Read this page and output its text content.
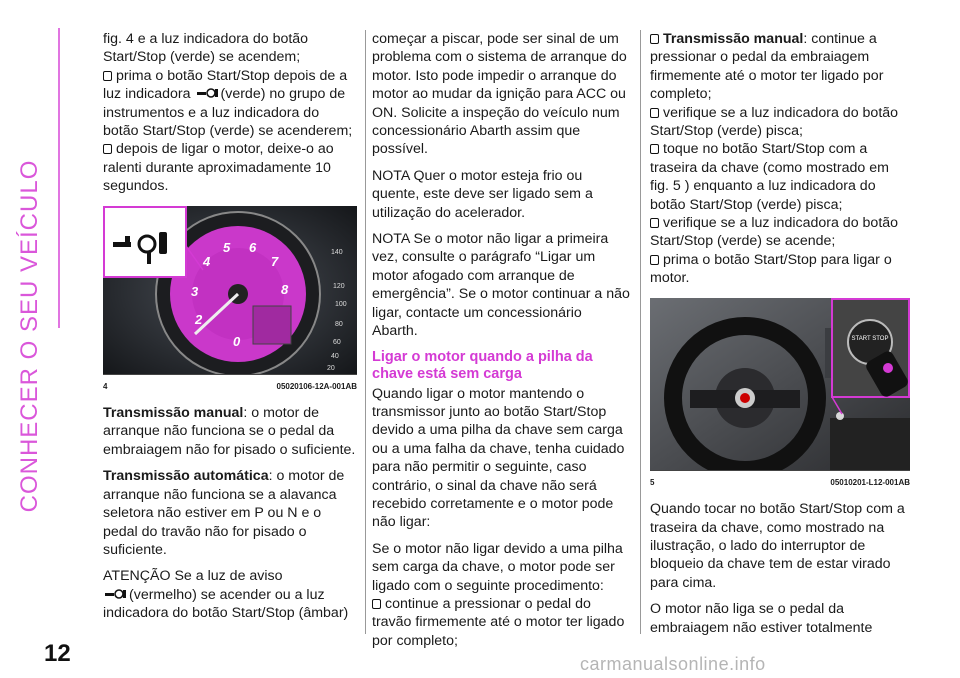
CONHECER O SEU VEÍCULO

fig. 4 e a luz indicadora do botão Start/Stop (verde) se acendem;

prima o botão Start/Stop depois de a luz indicadora (verde) no grupo de instrumentos e a luz indicadora do botão Start/Stop (verde) se acenderem;

depois de ligar o motor, deixe-o ao ralenti durante aproximadamente 10 segundos.

0
2
3
4
5 6
7
8
140
120
100
80
60
40
20
4	05020106-12A-001AB

Transmissão manual: o motor de arranque não funciona se o pedal da embraiagem não for pisado o suficiente.

Transmissão automática: o motor de arranque não funciona se a alavanca seletora não estiver em P ou N e o pedal do travão não for pisado o suficiente.

ATENÇÃO Se a luz de aviso
(vermelho) se acender ou a luz indicadora do botão Start/Stop (âmbar)

começar a piscar, pode ser sinal de um problema com o sistema de arranque do motor. Isto pode impedir o arranque do motor ao mudar da ignição para ACC ou ON. Solicite a inspeção do veículo num concessionário Abarth assim que possível.

NOTA Quer o motor esteja frio ou quente, este deve ser ligado sem a utilização do acelerador.

NOTA Se o motor não ligar a primeira vez, consulte o parágrafo “Ligar um motor afogado com arranque de emergência”. Se o motor continuar a não ligar, contacte um concessionário Abarth.

Ligar o motor quando a pilha da chave está sem carga

Quando ligar o motor mantendo o transmissor junto ao botão Start/Stop devido a uma pilha da chave sem carga ou a uma falha da chave, tenha cuidado para não permitir o seguinte, caso contrário, o sinal da chave não será recebido corretamente e o motor pode não ligar:

Se o motor não ligar devido a uma pilha sem carga da chave, o motor pode ser ligado com o seguinte procedimento:

continue a pressionar o pedal do travão firmemente até o motor ter ligado por completo;

Transmissão manual: continue a pressionar o pedal da embraiagem firmemente até o motor ter ligado por completo;

verifique se a luz indicadora do botão Start/Stop (verde) pisca;

toque no botão Start/Stop com a traseira da chave (como mostrado em fig. 5 ) enquanto a luz indicadora do botão Start/Stop (verde) pisca;

verifique se a luz indicadora do botão Start/Stop (verde) se acende;

prima o botão Start/Stop para ligar o motor.

START STOP
5	05010201-L12-001AB

Quando tocar no botão Start/Stop com a traseira da chave, como mostrado na ilustração, o lado do interruptor de bloqueio da chave tem de estar virado para cima.

O motor não liga se o pedal da embraiagem não estiver totalmente

12	carmanualsonline.info
